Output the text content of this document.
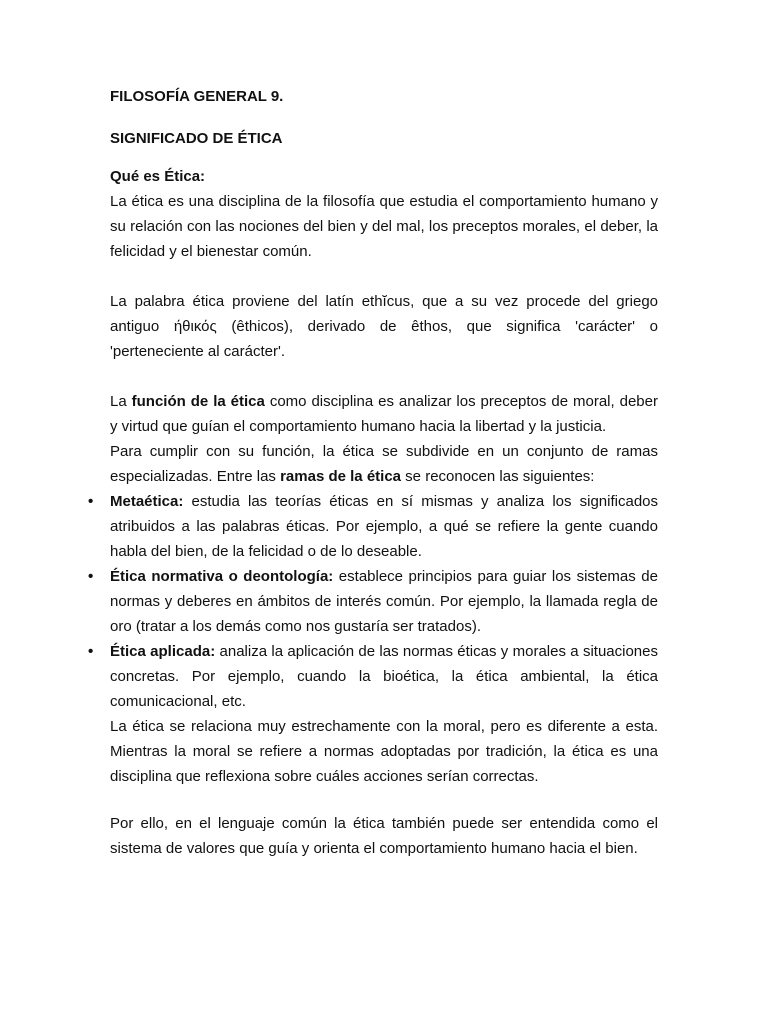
FILOSOFÍA GENERAL 9.
SIGNIFICADO DE ÉTICA
Qué es Ética:

La ética es una disciplina de la filosofía que estudia el comportamiento humano y su relación con las nociones del bien y del mal, los preceptos morales, el deber, la felicidad y el bienestar común.

La palabra ética proviene del latín ethĭcus, que a su vez procede del griego antiguo ήθικός (êthicos), derivado de êthos, que significa 'carácter' o 'perteneciente al carácter'.

La función de la ética como disciplina es analizar los preceptos de moral, deber y virtud que guían el comportamiento humano hacia la libertad y la justicia.

Para cumplir con su función, la ética se subdivide en un conjunto de ramas especializadas. Entre las ramas de la ética se reconocen las siguientes:

• Metaética: estudia las teorías éticas en sí mismas y analiza los significados atribuidos a las palabras éticas. Por ejemplo, a qué se refiere la gente cuando habla del bien, de la felicidad o de lo deseable.
• Ética normativa o deontología: establece principios para guiar los sistemas de normas y deberes en ámbitos de interés común. Por ejemplo, la llamada regla de oro (tratar a los demás como nos gustaría ser tratados).
• Ética aplicada: analiza la aplicación de las normas éticas y morales a situaciones concretas. Por ejemplo, cuando la bioética, la ética ambiental, la ética comunicacional, etc.

La ética se relaciona muy estrechamente con la moral, pero es diferente a esta. Mientras la moral se refiere a normas adoptadas por tradición, la ética es una disciplina que reflexiona sobre cuáles acciones serían correctas.

Por ello, en el lenguaje común la ética también puede ser entendida como el sistema de valores que guía y orienta el comportamiento humano hacia el bien.
